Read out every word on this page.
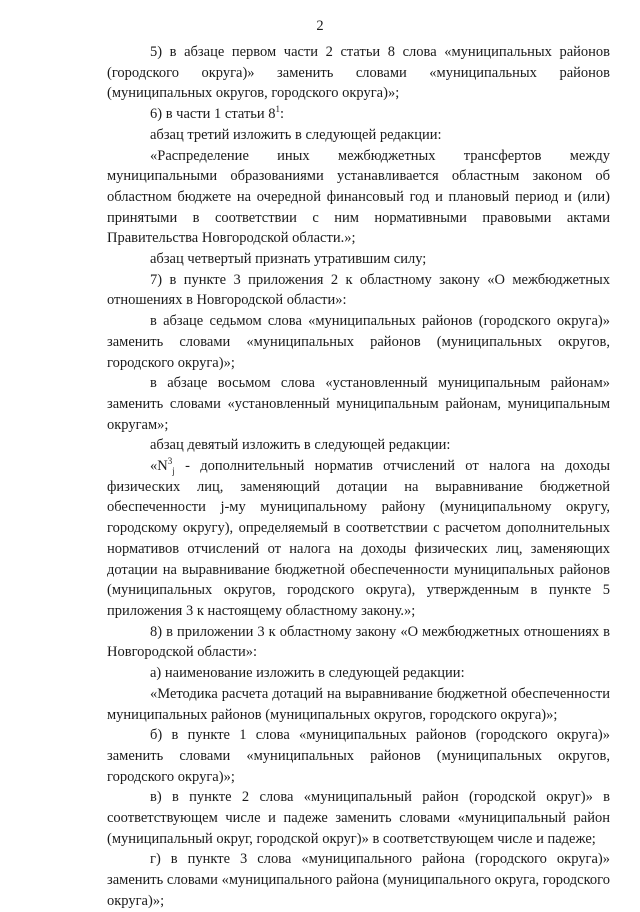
2

5) в абзаце первом части 2 статьи 8 слова «муниципальных районов (городского округа)» заменить словами «муниципальных районов (муниципальных округов, городского округа)»;

6) в части 1 статьи $8^1$:

абзац третий изложить в следующей редакции:

«Распределение иных межбюджетных трансфертов между муниципальными образованиями устанавливается областным законом об областном бюджете на очередной финансовый год и плановый период и (или) принятыми в соответствии с ним нормативными правовыми актами Правительства Новгородской области.»;

абзац четвертый признать утратившим силу;

7) в пункте 3 приложения 2 к областному закону «О межбюджетных отношениях в Новгородской области»:

в абзаце седьмом слова «муниципальных районов (городского округа)» заменить словами «муниципальных районов (муниципальных округов, городского округа)»;

в абзаце восьмом слова «установленный муниципальным районам» заменить словами «установленный муниципальным районам, муниципальным округам»;

абзац девятый изложить в следующей редакции:

«$N^3_j$ - дополнительный норматив отчислений от налога на доходы физических лиц, заменяющий дотации на выравнивание бюджетной обеспеченности j-му муниципальному району (муниципальному округу, городскому округу), определяемый в соответствии с расчетом дополнительных нормативов отчислений от налога на доходы физических лиц, заменяющих дотации на выравнивание бюджетной обеспеченности муниципальных районов (муниципальных округов, городского округа), утвержденным в пункте 5 приложения 3 к настоящему областному закону.»;

8) в приложении 3 к областному закону «О межбюджетных отношениях в Новгородской области»:

а) наименование изложить в следующей редакции:

«Методика расчета дотаций на выравнивание бюджетной обеспеченности муниципальных районов (муниципальных округов, городского округа)»;

б) в пункте 1 слова «муниципальных районов (городского округа)» заменить словами «муниципальных районов (муниципальных округов, городского округа)»;

в) в пункте 2 слова «муниципальный район (городской округ)» в соответствующем числе и падеже заменить словами «муниципальный район (муниципальный округ, городской округ)» в соответствующем числе и падеже;

г) в пункте 3 слова «муниципального района (городского округа)» заменить словами «муниципального района (муниципального округа, городского округа)»;
